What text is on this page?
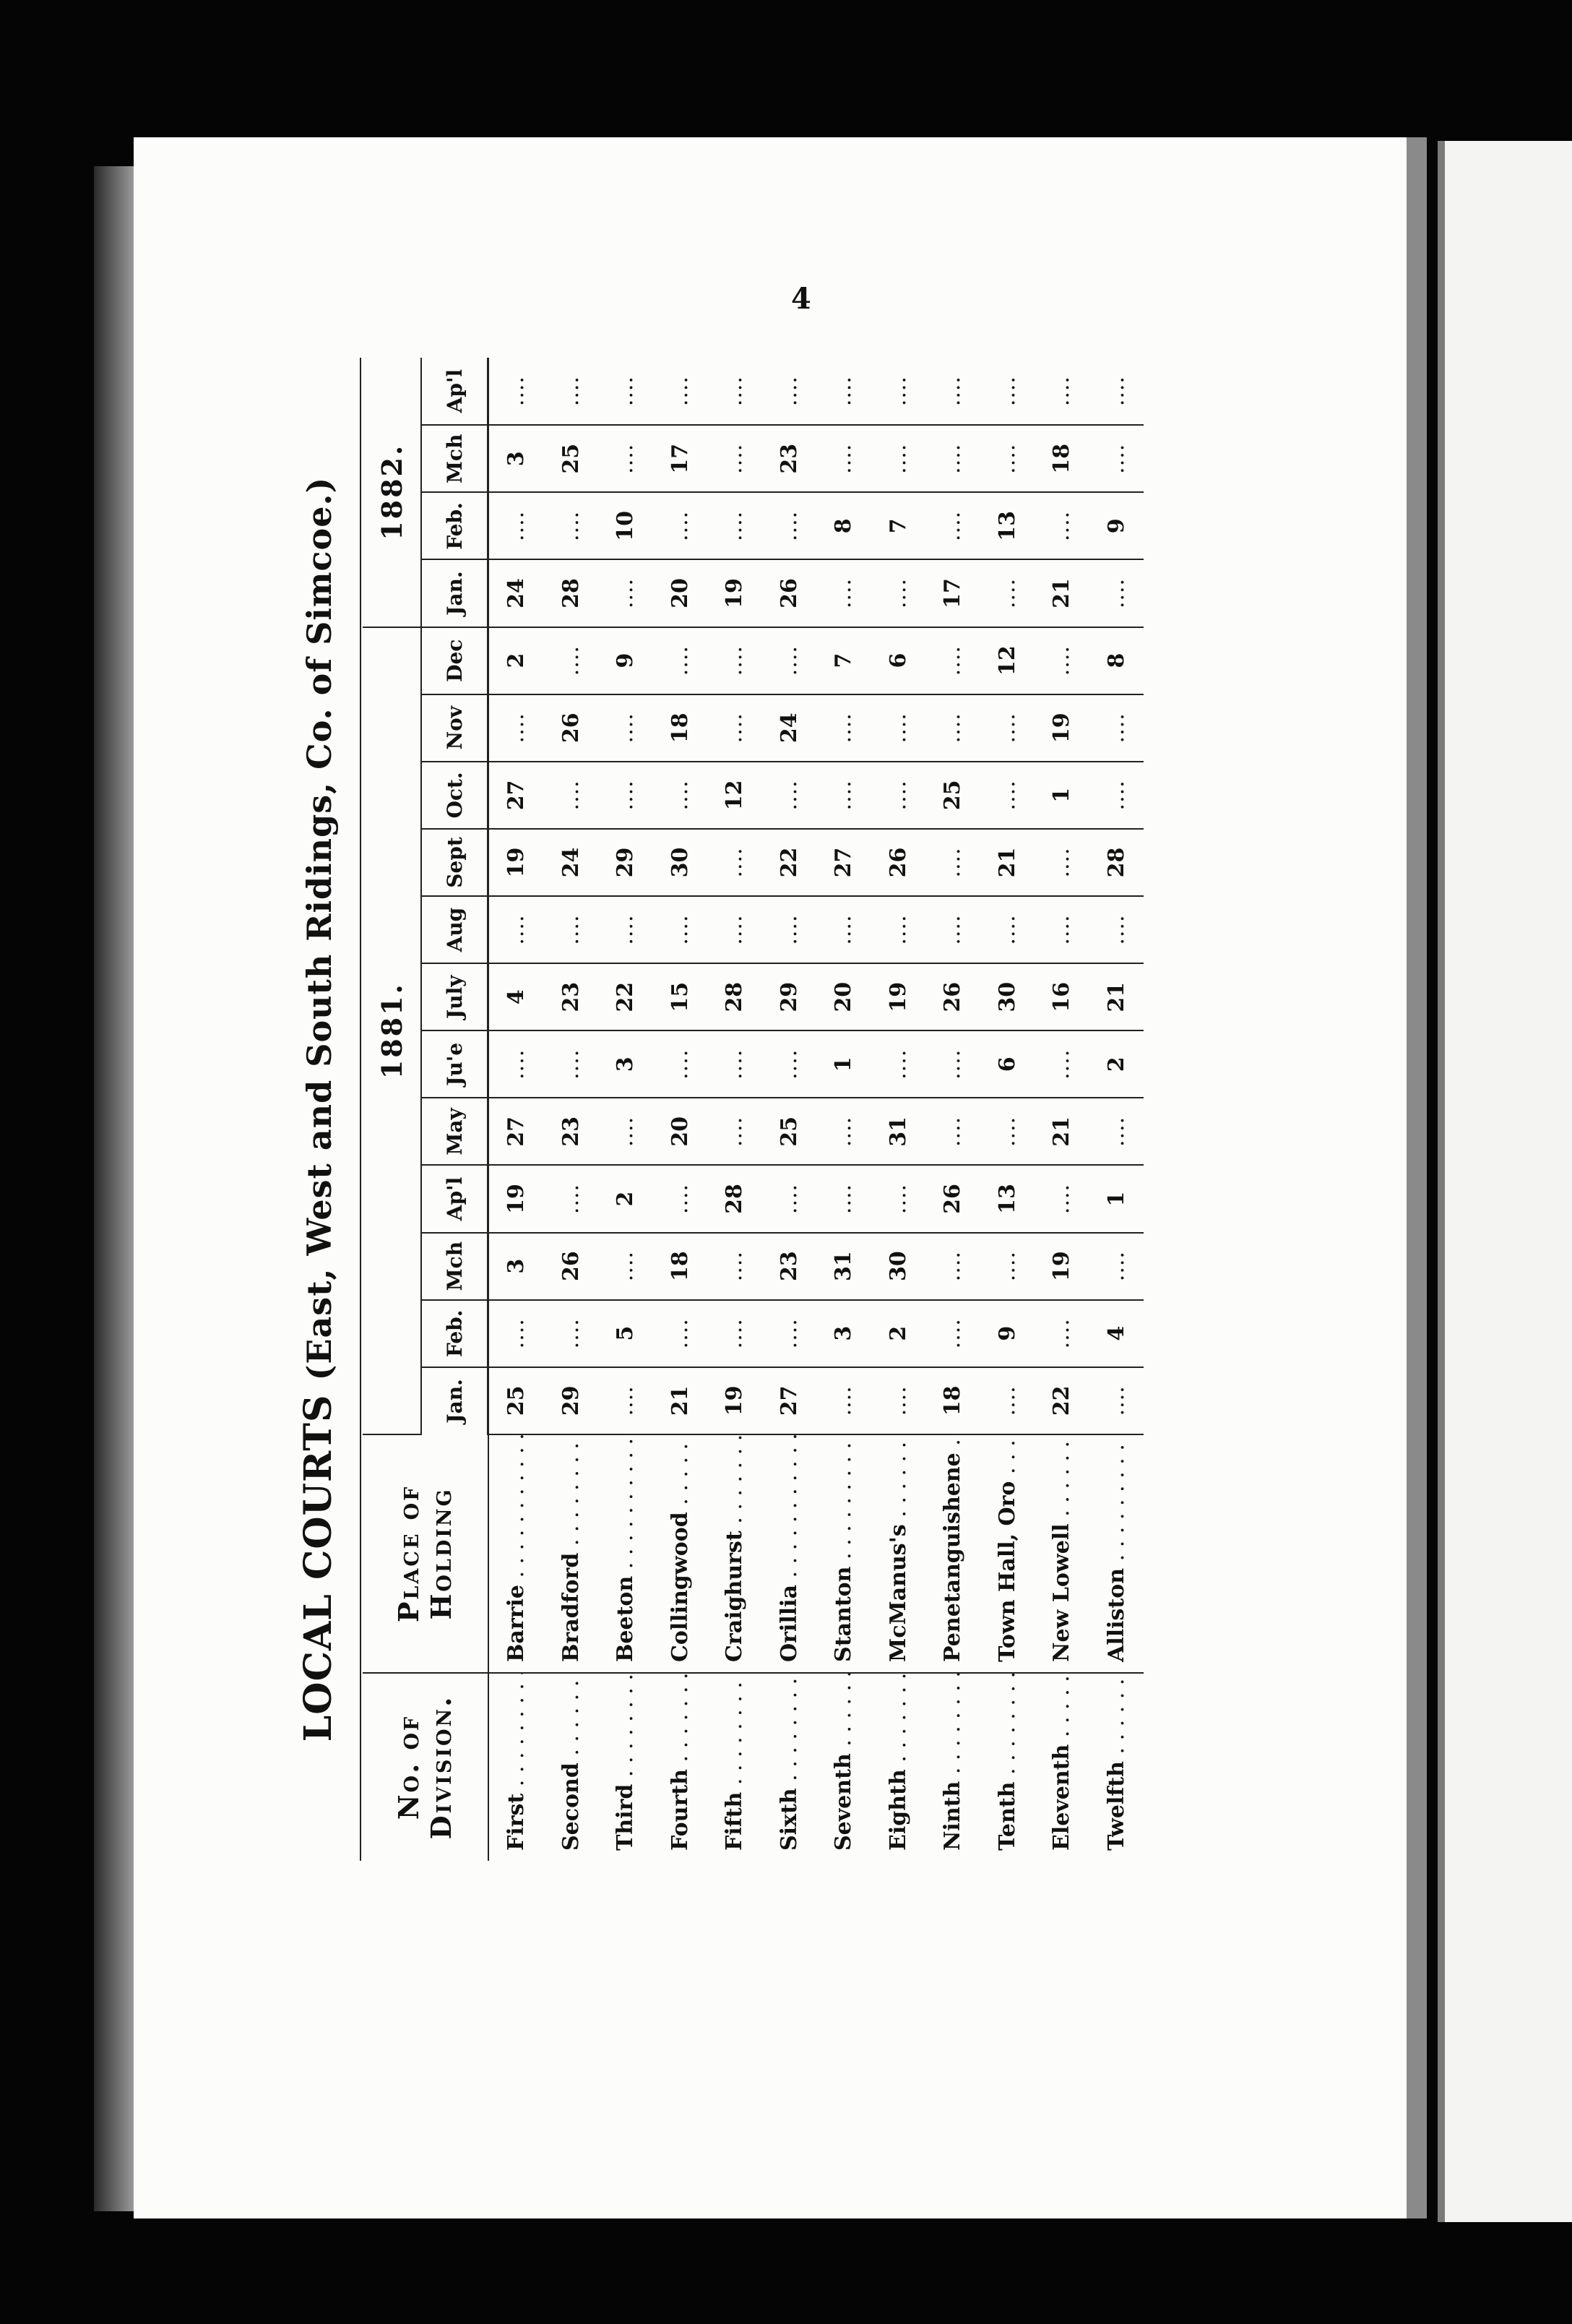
4
LOCAL COURTS (East, West and South Ridings, Co. of Simcoe.)
No. of Division.	Place of Holding	1881.												1882.			
		Jan.	Feb.	Mch	Ap'l	May	Ju'e	July	Aug	Sept	Oct.	Nov	Dec	Jan.	Feb.	Mch	Ap'l
First . . .	Barrie . . .	25	....	3	19	27	....	4	....	19	27	....	2	24	....	3	....
Second . . .	Bradford . . .	29	....	26	....	23	....	23	....	24	....	26	....	28	....	25	....
Third . . .	Beeton . . .	....	5	....	2	....	3	22	....	29	....	....	9	....	10	....	....
Fourth . . .	Collingwood . . .	21	....	18	....	20	....	15	....	30	....	18	....	20	....	17	....
Fifth . . .	Craighurst . . .	19	....	....	28	....	....	28	....	....	12	....	....	19	....	....	....
Sixth . . .	Orillia . . .	27	....	23	....	25	....	29	....	22	....	24	....	26	....	23	....
Seventh . . .	Stanton . . .	....	3	31	....	....	1	20	....	27	....	....	7	....	8	....	....
Eighth . . .	McManus's . . .	....	2	30	....	31	....	19	....	26	....	....	6	....	7	....	....
Ninth . . .	Penetanguishene . . .	18	....	....	26	....	....	26	....	....	25	....	....	17	....	....	....
Tenth . . .	Town Hall, Oro . . .	....	9	....	13	....	6	30	....	21	....	....	12	....	13	....	....
Eleventh . . .	New Lowell . . .	22	....	19	....	21	....	16	....	....	1	19	....	21	....	18	....
Twelfth . . .	Alliston . . .	....	4	....	1	....	2	21	....	28	....	....	8	....	9	....	....
